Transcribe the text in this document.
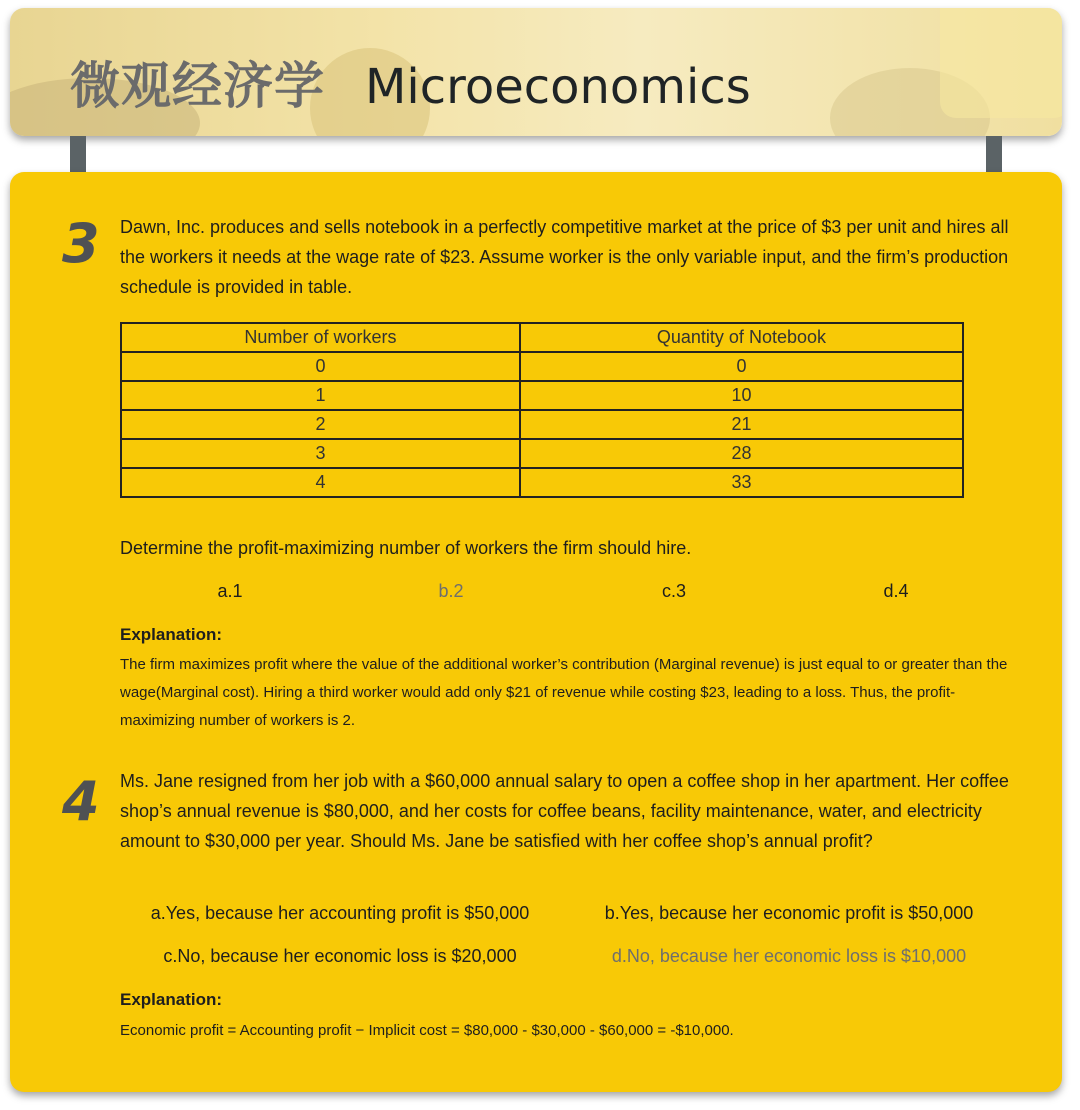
微观经济学 Microeconomics
3 Dawn, Inc. produces and sells notebook in a perfectly competitive market at the price of $3 per unit and hires all the workers it needs at the wage rate of $23. Assume worker is the only variable input, and the firm’s production schedule is provided in table.
Number of workers	Quantity of Notebook
0	0
1	10
2	21
3	28
4	33
Determine the profit-maximizing number of workers the firm should hire.
a.1	b.2	c.3	d.4
Explanation:
The firm maximizes profit where the value of the additional worker’s contribution (Marginal revenue) is just equal to or greater than the wage(Marginal cost). Hiring a third worker would add only $21 of revenue while costing $23, leading to a loss. Thus, the profit-maximizing number of workers is 2.
4 Ms. Jane resigned from her job with a $60,000 annual salary to open a coffee shop in her apartment. Her coffee shop’s annual revenue is $80,000, and her costs for coffee beans, facility maintenance, water, and electricity amount to $30,000 per year. Should Ms. Jane be satisfied with her coffee shop’s annual profit?
a.Yes, because her accounting profit is $50,000	b.Yes, because her economic profit is $50,000
c.No, because her economic loss is $20,000	d.No, because her economic loss is $10,000
Explanation:
Economic profit = Accounting profit − Implicit cost = $80,000 - $30,000 - $60,000 = -$10,000.
